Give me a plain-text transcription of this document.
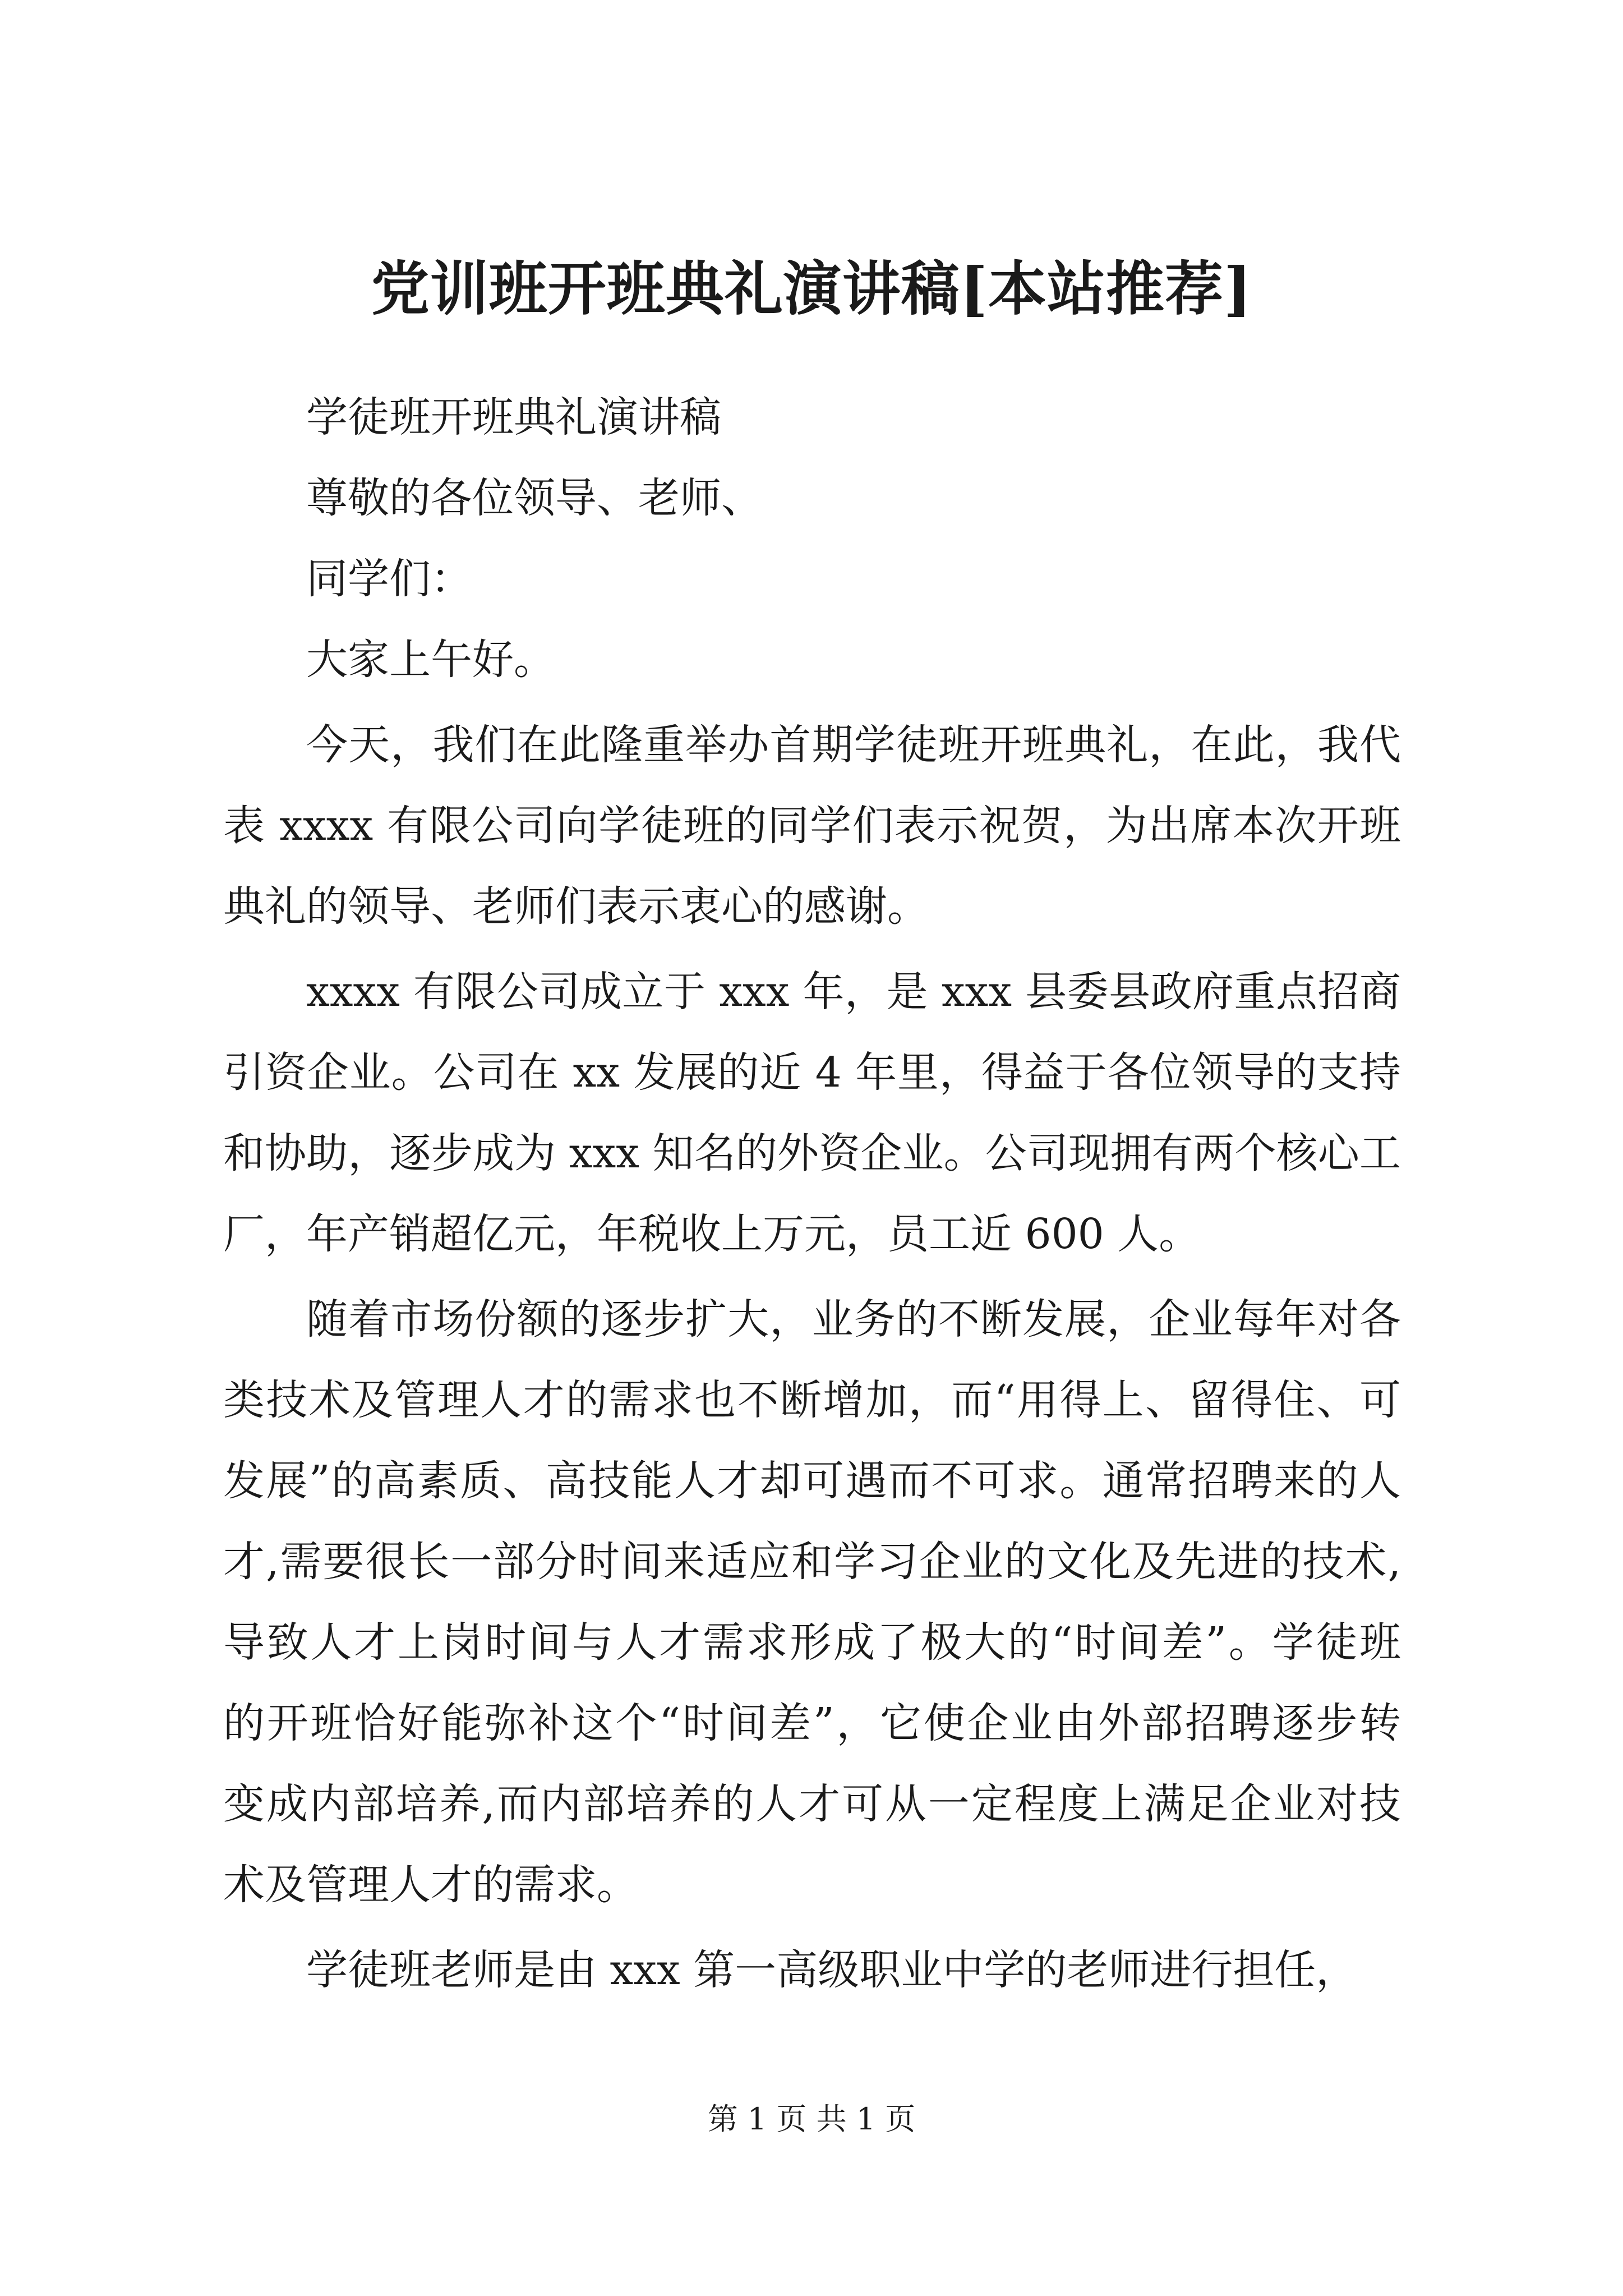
党训班开班典礼演讲稿[本站推荐]
学徒班开班典礼演讲稿
尊敬的各位领导、老师、
同学们：
大家上午好。
今天，我们在此隆重举办首期学徒班开班典礼，在此，我代
表 xxxx 有限公司向学徒班的同学们表示祝贺，为出席本次开班
典礼的领导、老师们表示衷心的感谢。
xxxx 有限公司成立于 xxx 年，是 xxx 县委县政府重点招商
引资企业。公司在 xx 发展的近 4 年里，得益于各位领导的支持
和协助，逐步成为 xxx 知名的外资企业。公司现拥有两个核心工
厂，年产销超亿元，年税收上万元，员工近 600 人。
随着市场份额的逐步扩大，业务的不断发展，企业每年对各
类技术及管理人才的需求也不断增加，而“用得上、留得住、可
发展”的高素质、高技能人才却可遇而不可求。通常招聘来的人
才,需要很长一部分时间来适应和学习企业的文化及先进的技术,
导致人才上岗时间与人才需求形成了极大的“时间差”。学徒班
的开班恰好能弥补这个“时间差”，它使企业由外部招聘逐步转
变成内部培养,而内部培养的人才可从一定程度上满足企业对技
术及管理人才的需求。
学徒班老师是由 xxx 第一高级职业中学的老师进行担任，
第 1 页 共 1 页
